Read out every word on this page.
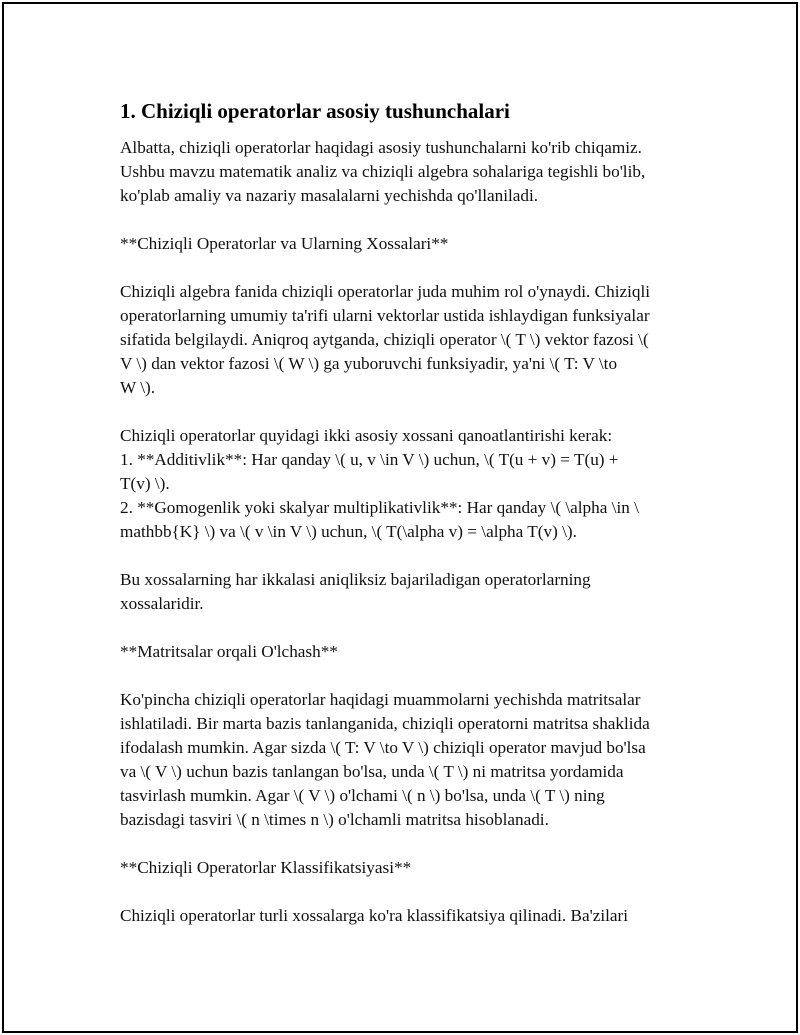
1. Chiziqli operatorlar asosiy tushunchalari
Albatta, chiziqli operatorlar haqidagi asosiy tushunchalarni ko'rib chiqamiz.
Ushbu mavzu matematik analiz va chiziqli algebra sohalariga tegishli bo'lib,
ko'plab amaliy va nazariy masalalarni yechishda qo'llaniladi.
**Chiziqli Operatorlar va Ularning Xossalari**
Chiziqli algebra fanida chiziqli operatorlar juda muhim rol o'ynaydi. Chiziqli
operatorlarning umumiy ta'rifi ularni vektorlar ustida ishlaydigan funksiyalar
sifatida belgilaydi. Aniqroq aytganda, chiziqli operator \( T \) vektor fazosi \(
V \) dan vektor fazosi \( W \) ga yuboruvchi funksiyadir, ya'ni \( T: V \to
W \).
Chiziqli operatorlar quyidagi ikki asosiy xossani qanoatlantirishi kerak:
1. **Additivlik**: Har qanday \( u, v \in V \) uchun, \( T(u + v) = T(u) +
T(v) \).
2. **Gomogenlik yoki skalyar multiplikativlik**: Har qanday \( \alpha \in \
mathbb{K} \) va \( v \in V \) uchun, \( T(\alpha v) = \alpha T(v) \).
Bu xossalarning har ikkalasi aniqliksiz bajariladigan operatorlarning
xossalaridir.
**Matritsalar orqali O'lchash**
Ko'pincha chiziqli operatorlar haqidagi muammolarni yechishda matritsalar
ishlatiladi. Bir marta bazis tanlanganida, chiziqli operatorni matritsa shaklida
ifodalash mumkin. Agar sizda \( T: V \to V \) chiziqli operator mavjud bo'lsa
va \( V \) uchun bazis tanlangan bo'lsa, unda \( T \) ni matritsa yordamida
tasvirlash mumkin. Agar \( V \) o'lchami \( n \) bo'lsa, unda \( T \) ning
bazisdagi tasviri \( n \times n \) o'lchamli matritsa hisoblanadi.
**Chiziqli Operatorlar Klassifikatsiyasi**
Chiziqli operatorlar turli xossalarga ko'ra klassifikatsiya qilinadi. Ba'zilari
